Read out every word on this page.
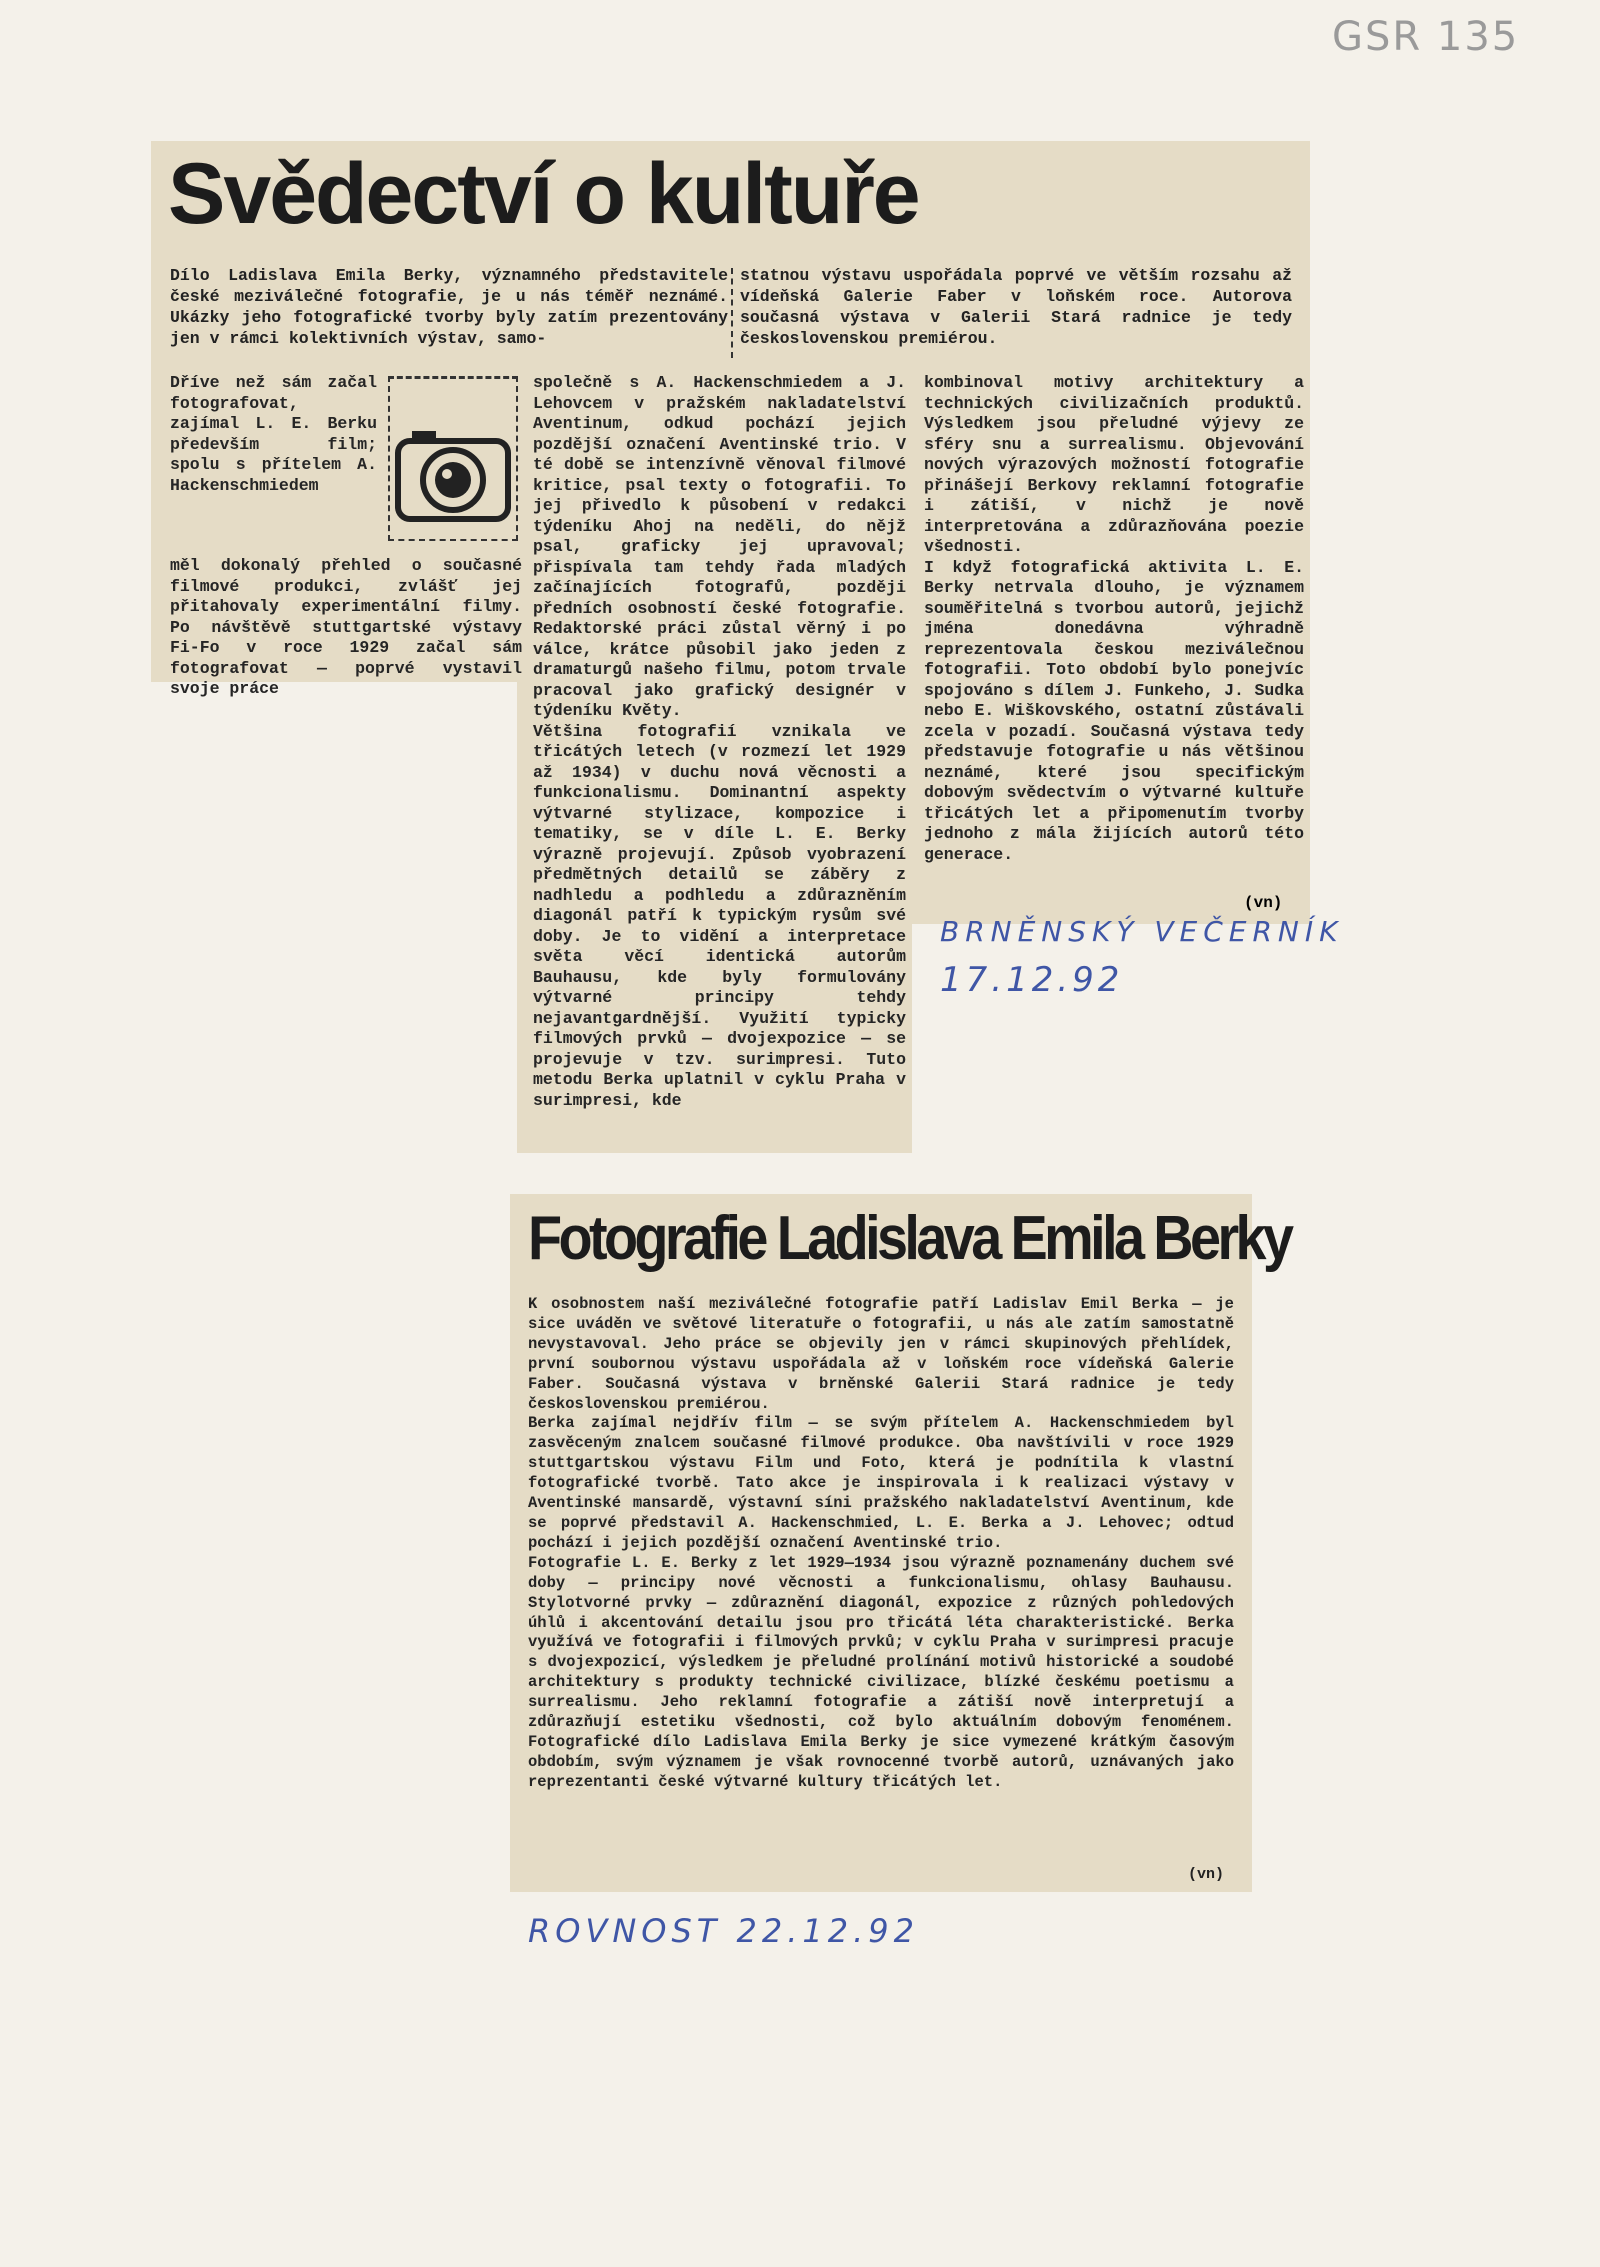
GSR 135
Svědectví o kultuře
Dílo Ladislava Emila Berky, významného představitele české meziválečné fotografie, je u nás téměř neznámé. Ukázky jeho fotografické tvorby byly zatím prezentovány jen v rámci kolektivních výstav, samo-
statnou výstavu uspořádala poprvé ve větším rozsahu až vídeňská Galerie Faber v loňském roce. Autorova současná výstava v Galerii Stará radnice je tedy československou premiérou.
Dříve než sám začal fotografovat, zajímal L. E. Berku především film; spolu s přítelem A. Hackenschmiedem
měl dokonalý přehled o současné filmové produkci, zvlášť jej přitahovaly experimentální filmy. Po návštěvě stuttgartské výstavy Fi-Fo v roce 1929 začal sám fotografovat — poprvé vystavil svoje práce
společně s A. Hackenschmiedem a J. Lehovcem v pražském nakladatelství Aventinum, odkud pochází jejich pozdější označení Aventinské trio. V té době se intenzívně věnoval filmové kritice, psal texty o fotografii. To jej přivedlo k působení v redakci týdeníku Ahoj na neděli, do nějž psal, graficky jej upravoval; přispívala tam tehdy řada mladých začínajících fotografů, později předních osobností české fotografie. Redaktorské práci zůstal věrný i po válce, krátce působil jako jeden z dramaturgů našeho filmu, potom trvale pracoval jako grafický designér v týdeníku Květy.
Většina fotografií vznikala ve třicátých letech (v rozmezí let 1929 až 1934) v duchu nová věcnosti a funkcionalismu. Dominantní aspekty výtvarné stylizace, kompozice i tematiky, se v díle L. E. Berky výrazně projevují. Způsob vyobrazení předmětných detailů se záběry z nadhledu a podhledu a zdůrazněním diagonál patří k typickým rysům své doby. Je to vidění a interpretace světa věcí identická autorům Bauhausu, kde byly formulovány výtvarné principy tehdy nejavantgardnější. Využití typicky filmových prvků — dvojexpozice — se projevuje v tzv. surimpresi. Tuto metodu Berka uplatnil v cyklu Praha v surimpresi, kde
kombinoval motivy architektury a technických civilizačních produktů. Výsledkem jsou přeludné výjevy ze sféry snu a surrealismu. Objevování nových výrazových možností fotografie přinášejí Berkovy reklamní fotografie i zátiší, v nichž je nově interpretována a zdůrazňována poezie všednosti.
I když fotografická aktivita L. E. Berky netrvala dlouho, je významem souměřitelná s tvorbou autorů, jejichž jména donedávna výhradně reprezentovala českou meziválečnou fotografii. Toto období bylo ponejvíc spojováno s dílem J. Funkeho, J. Sudka nebo E. Wiškovského, ostatní zůstávali zcela v pozadí. Současná výstava tedy představuje fotografie u nás většinou neznámé, které jsou specifickým dobovým svědectvím o výtvarné kultuře třicátých let a připomenutím tvorby jednoho z mála žijících autorů této generace.
(vn)
BRNĚNSKÝ VEČERNÍK
17.12.92
Fotografie Ladislava Emila Berky
K osobnostem naší meziválečné fotografie patří Ladislav Emil Berka — je sice uváděn ve světové literatuře o fotografii, u nás ale zatím samostatně nevystavoval. Jeho práce se objevily jen v rámci skupinových přehlídek, první soubornou výstavu uspořádala až v loňském roce vídeňská Galerie Faber. Současná výstava v brněnské Galerii Stará radnice je tedy československou premiérou.
Berka zajímal nejdřív film — se svým přítelem A. Hackenschmiedem byl zasvěceným znalcem současné filmové produkce. Oba navštívili v roce 1929 stuttgartskou výstavu Film und Foto, která je podnítila k vlastní fotografické tvorbě. Tato akce je inspirovala i k realizaci výstavy v Aventinské mansardě, výstavní síni pražského nakladatelství Aventinum, kde se poprvé představil A. Hackenschmied, L. E. Berka a J. Lehovec; odtud pochází i jejich pozdější označení Aventinské trio.
Fotografie L. E. Berky z let 1929—1934 jsou výrazně poznamenány duchem své doby — principy nové věcnosti a funkcionalismu, ohlasy Bauhausu. Stylotvorné prvky — zdůraznění diagonál, expozice z různých pohledových úhlů i akcentování detailu jsou pro třicátá léta charakteristické. Berka využívá ve fotografii i filmových prvků; v cyklu Praha v surimpresi pracuje s dvojexpozicí, výsledkem je přeludné prolínání motivů historické a soudobé architektury s produkty technické civilizace, blízké českému poetismu a surrealismu. Jeho reklamní fotografie a zátiší nově interpretují a zdůrazňují estetiku všednosti, což bylo aktuálním dobovým fenoménem. Fotografické dílo Ladislava Emila Berky je sice vymezené krátkým časovým obdobím, svým významem je však rovnocenné tvorbě autorů, uznávaných jako reprezentanti české výtvarné kultury třicátých let.
(vn)
ROVNOST 22.12.92
